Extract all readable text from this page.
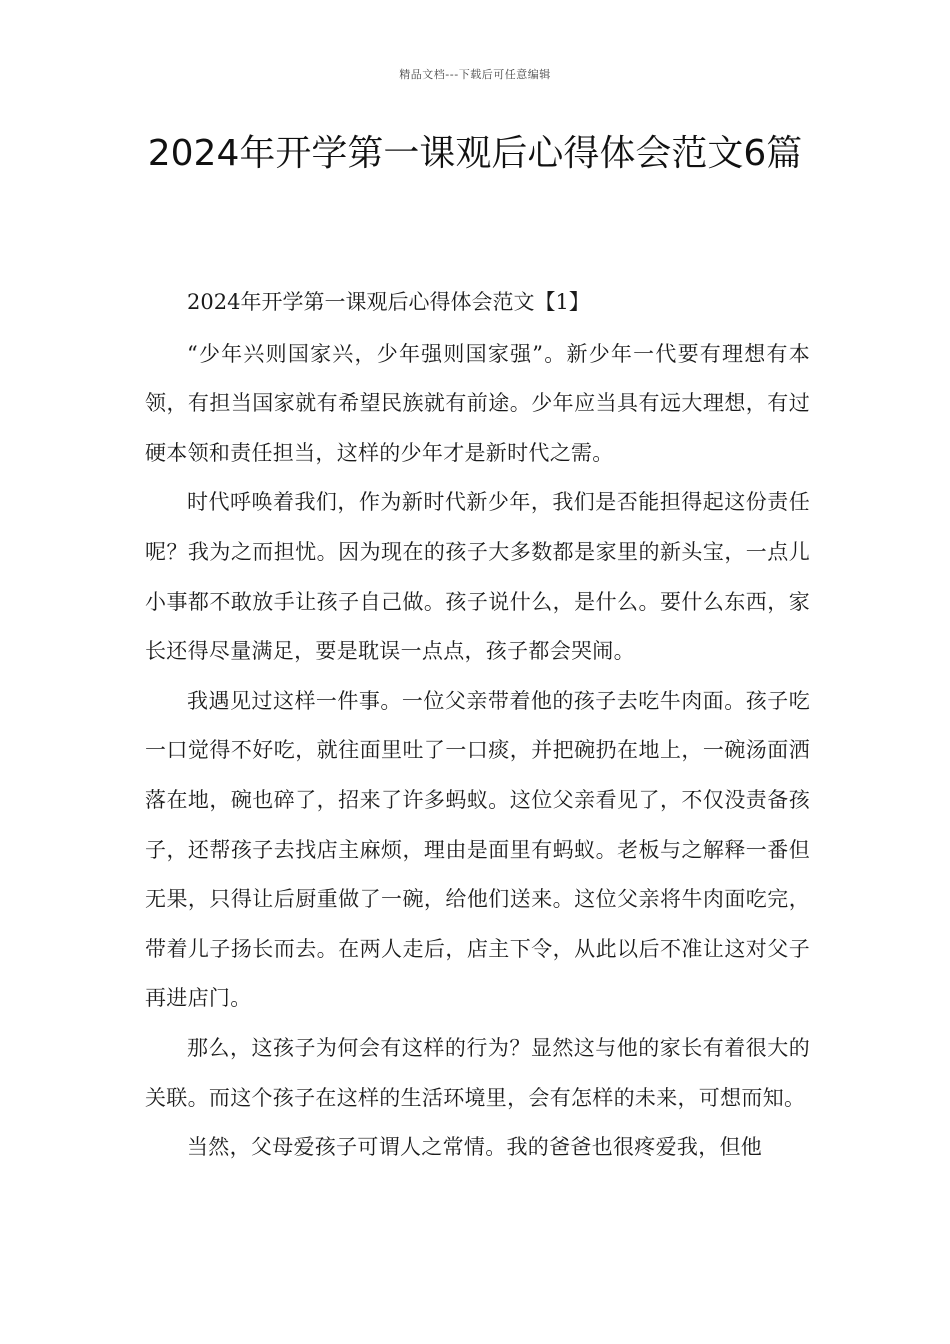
精品文档---下载后可任意编辑
2024年开学第一课观后心得体会范文6篇

2024年开学第一课观后心得体会范文【1】

“少年兴则国家兴，少年强则国家强”。新少年一代要有理想有本领，有担当国家就有希望民族就有前途。少年应当具有远大理想，有过硬本领和责任担当，这样的少年才是新时代之需。

时代呼唤着我们，作为新时代新少年，我们是否能担得起这份责任呢？我为之而担忧。因为现在的孩子大多数都是家里的新头宝，一点儿小事都不敢放手让孩子自己做。孩子说什么，是什么。要什么东西，家长还得尽量满足，要是耽误一点点，孩子都会哭闹。

我遇见过这样一件事。一位父亲带着他的孩子去吃牛肉面。孩子吃一口觉得不好吃，就往面里吐了一口痰，并把碗扔在地上，一碗汤面洒落在地，碗也碎了，招来了许多蚂蚁。这位父亲看见了，不仅没责备孩子，还帮孩子去找店主麻烦，理由是面里有蚂蚁。老板与之解释一番但无果，只得让后厨重做了一碗，给他们送来。这位父亲将牛肉面吃完，带着儿子扬长而去。在两人走后，店主下令，从此以后不准让这对父子再进店门。

那么，这孩子为何会有这样的行为？显然这与他的家长有着很大的关联。而这个孩子在这样的生活环境里，会有怎样的未来，可想而知。

当然，父母爱孩子可谓人之常情。我的爸爸也很疼爱我，但他
